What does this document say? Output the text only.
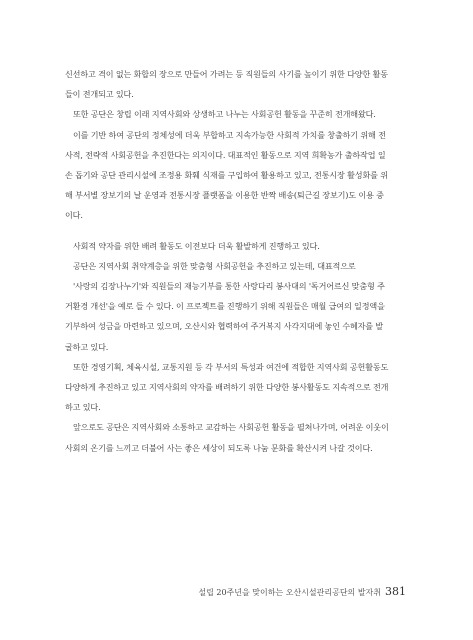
신선하고 격이 없는 화합의 장으로 만들어 가려는 등 직원들의 사기를 높이기 위한 다양한 활동
들이 전개되고 있다.
또한 공단은 창립 이래 지역사회와 상생하고 나누는 사회공헌 활동을 꾸준히 전개해왔다.
이를 기반 하여 공단의 정체성에 더욱 부합하고 지속가능한 사회적 가치를 창출하기 위해 전
사적, 전략적 사회공헌을 추진한다는 의지이다. 대표적인 활동으로 지역 희확농가 출하작업 일
손 돕기와 공단 관리시설에 조정용 화훼 식재를 구입하여 활용하고 있고, 전통시장 활성화를 위
해 부서별 장보기의 날 운영과 전통시장 플랫폼을 이용한 반짝 배송(퇴근길 장보기)도 이용 중
이다.
사회적 약자를 위한 배려 활동도 이전보다 더욱 활발하게 진행하고 있다.
공단은 지역사회 취약계층을 위한 맞춤형 사회공헌을 추진하고 있는데, 대표적으로
'사랑의 김장나누기'와 직원들의 재능기부를 통한 사랑다리 봉사대의 '독거어르신 맞춤형 주
거환경 개선'을 예로 들 수 있다. 이 프로젝트를 진행하기 위해 직원들은 매월 급여의 일정액을
기부하여 성금을 마련하고 있으며, 오산시와 협력하여 주거복지 사각지대에 놓인 수혜자를 발
굴하고 있다.
또한 경영기획, 체육시설, 교통지원 등 각 부서의 특성과 여건에 적합한 지역사회 공헌활동도
다양하게 추진하고 있고 지역사회의 약자를 배려하기 위한 다양한 봉사활동도 지속적으로 전개
하고 있다.
앞으로도 공단은 지역사회와 소통하고 교감하는 사회공헌 활동을 펼쳐나가며, 어려운 이웃이
사회의 온기를 느끼고 더불어 사는 좋은 세상이 되도록 나눔 문화를 확산시켜 나갈 것이다.
설립 20주년을 맞이하는 오산시설관리공단의 발자취 381
